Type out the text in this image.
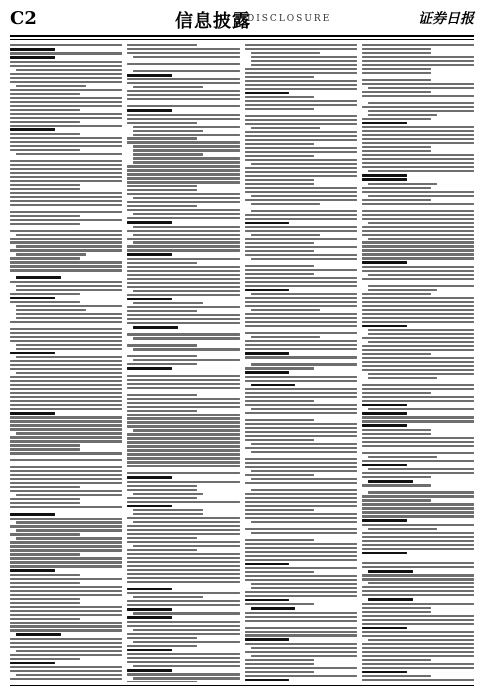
C2	信息披露
DISCLOSURE	证券日报
